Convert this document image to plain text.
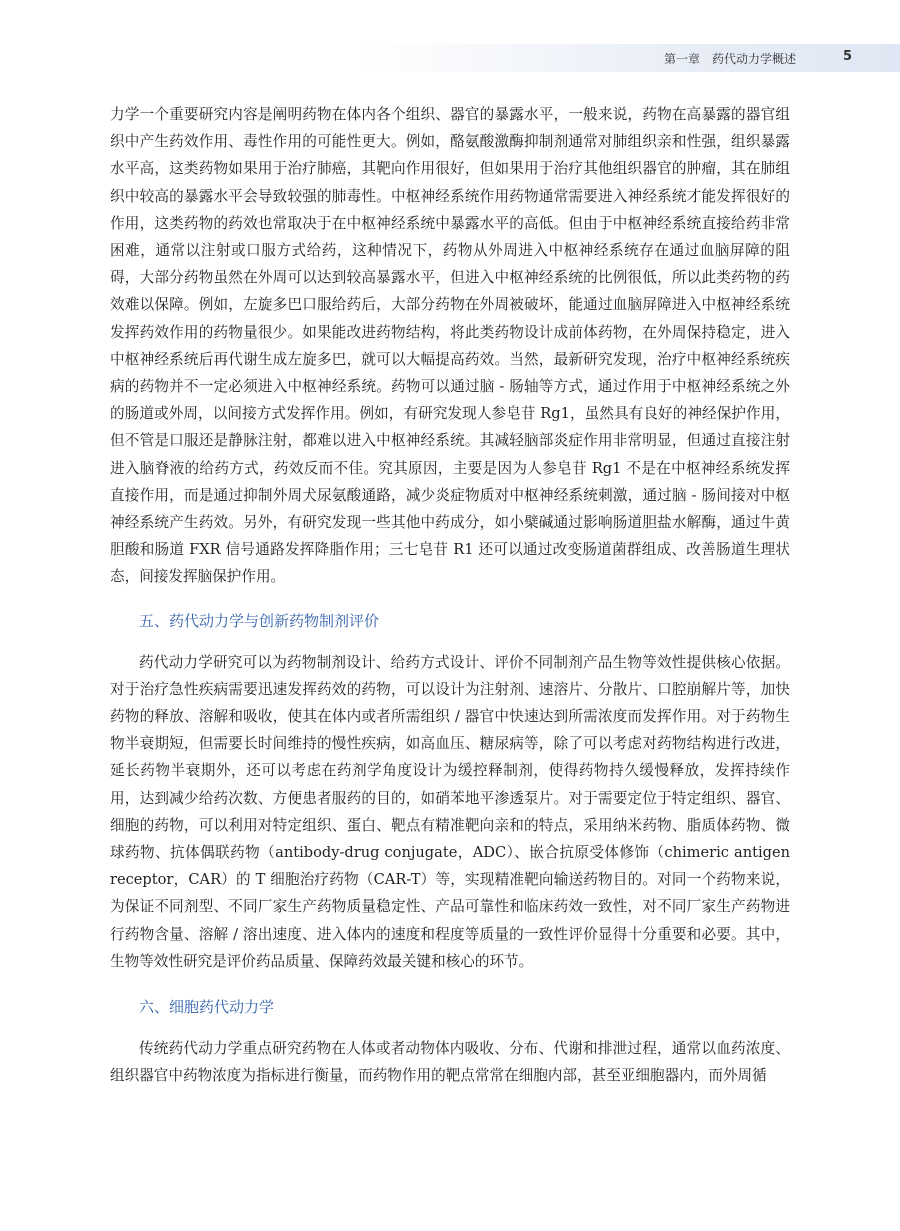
第一章 药代动力学概述	5

力学一个重要研究内容是阐明药物在体内各个组织、器官的暴露水平，一般来说，药物在高暴露的器官组织中产生药效作用、毒性作用的可能性更大。例如，酪氨酸激酶抑制剂通常对肺组织亲和性强，组织暴露水平高，这类药物如果用于治疗肺癌，其靶向作用很好，但如果用于治疗其他组织器官的肿瘤，其在肺组织中较高的暴露水平会导致较强的肺毒性。中枢神经系统作用药物通常需要进入神经系统才能发挥很好的作用，这类药物的药效也常取决于在中枢神经系统中暴露水平的高低。但由于中枢神经系统直接给药非常困难，通常以注射或口服方式给药，这种情况下，药物从外周进入中枢神经系统存在通过血脑屏障的阻碍，大部分药物虽然在外周可以达到较高暴露水平，但进入中枢神经系统的比例很低，所以此类药物的药效难以保障。例如，左旋多巴口服给药后，大部分药物在外周被破坏，能通过血脑屏障进入中枢神经系统发挥药效作用的药物量很少。如果能改进药物结构，将此类药物设计成前体药物，在外周保持稳定，进入中枢神经系统后再代谢生成左旋多巴，就可以大幅提高药效。当然，最新研究发现，治疗中枢神经系统疾病的药物并不一定必须进入中枢神经系统。药物可以通过脑 - 肠轴等方式，通过作用于中枢神经系统之外的肠道或外周，以间接方式发挥作用。例如，有研究发现人参皂苷 Rg1，虽然具有良好的神经保护作用，但不管是口服还是静脉注射，都难以进入中枢神经系统。其减轻脑部炎症作用非常明显，但通过直接注射进入脑脊液的给药方式，药效反而不佳。究其原因，主要是因为人参皂苷 Rg1 不是在中枢神经系统发挥直接作用，而是通过抑制外周犬尿氨酸通路，减少炎症物质对中枢神经系统刺激，通过脑 - 肠间接对中枢神经系统产生药效。另外，有研究发现一些其他中药成分，如小檗碱通过影响肠道胆盐水解酶，通过牛黄胆酸和肠道 FXR 信号通路发挥降脂作用；三七皂苷 R1 还可以通过改变肠道菌群组成、改善肠道生理状态，间接发挥脑保护作用。

五、药代动力学与创新药物制剂评价

药代动力学研究可以为药物制剂设计、给药方式设计、评价不同制剂产品生物等效性提供核心依据。对于治疗急性疾病需要迅速发挥药效的药物，可以设计为注射剂、速溶片、分散片、口腔崩解片等，加快药物的释放、溶解和吸收，使其在体内或者所需组织 / 器官中快速达到所需浓度而发挥作用。对于药物生物半衰期短，但需要长时间维持的慢性疾病，如高血压、糖尿病等，除了可以考虑对药物结构进行改进，延长药物半衰期外，还可以考虑在药剂学角度设计为缓控释制剂，使得药物持久缓慢释放，发挥持续作用，达到减少给药次数、方便患者服药的目的，如硝苯地平渗透泵片。对于需要定位于特定组织、器官、细胞的药物，可以利用对特定组织、蛋白、靶点有精准靶向亲和的特点，采用纳米药物、脂质体药物、微球药物、抗体偶联药物（antibody-drug conjugate，ADC）、嵌合抗原受体修饰（chimeric antigen receptor，CAR）的 T 细胞治疗药物（CAR-T）等，实现精准靶向输送药物目的。对同一个药物来说，为保证不同剂型、不同厂家生产药物质量稳定性、产品可靠性和临床药效一致性，对不同厂家生产药物进行药物含量、溶解 / 溶出速度、进入体内的速度和程度等质量的一致性评价显得十分重要和必要。其中，生物等效性研究是评价药品质量、保障药效最关键和核心的环节。

六、细胞药代动力学

传统药代动力学重点研究药物在人体或者动物体内吸收、分布、代谢和排泄过程，通常以血药浓度、组织器官中药物浓度为指标进行衡量，而药物作用的靶点常常在细胞内部，甚至亚细胞器内，而外周循
